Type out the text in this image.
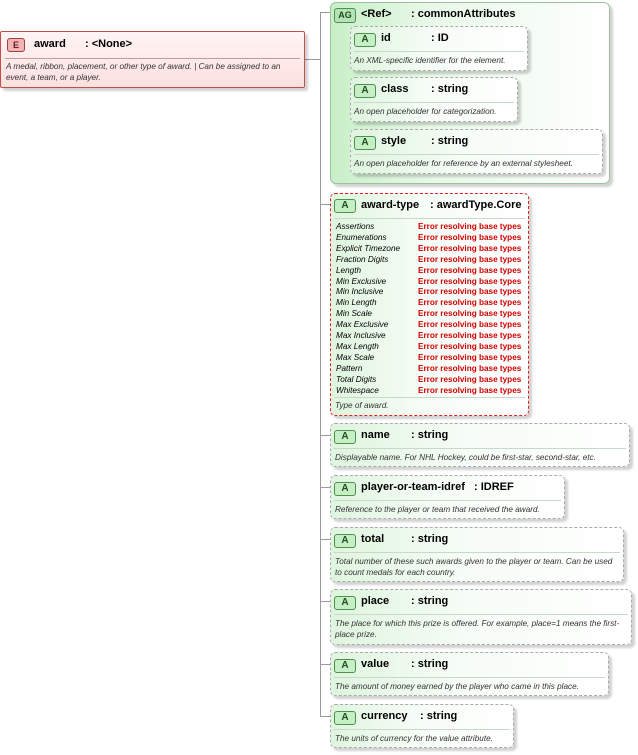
E	award : <None>
A medal, ribbon, placement, or other type of award. | Can be assigned to an event, a team, or a player.
AG <Ref> : commonAttributes
A	id	: ID
An XML-specific identifier for the element.
A	class : string
An open placeholder for categorization.
A	style : string
An open placeholder for reference by an external stylesheet.
A	award-type : awardType.Core
Assertions	Error resolving base types
Enumerations	Error resolving base types
Explicit Timezone Error resolving base types
Fraction Digits	Error resolving base types
Length	Error resolving base types
Min Exclusive	Error resolving base types
Min Inclusive	Error resolving base types
Min Length	Error resolving base types
Min Scale	Error resolving base types
Max Exclusive	Error resolving base types
Max Inclusive	Error resolving base types
Max Length	Error resolving base types
Max Scale	Error resolving base types
Pattern	Error resolving base types
Total Digits	Error resolving base types
Whitespace	Error resolving base types
Type of award.
A	name : string
Displayable name. For NHL Hockey, could be first-star, second-star, etc.
A	player-or-team-idref : IDREF
Reference to the player or team that received the award.
A	total : string
Total number of these such awards given to the player or team. Can be used to count medals for each country.
A	place : string
The place for which this prize is offered. For example, place=1 means the first-place prize.
A	value : string
The amount of money earned by the player who came in this place.
A	currency : string
The units of currency for the value attribute.
